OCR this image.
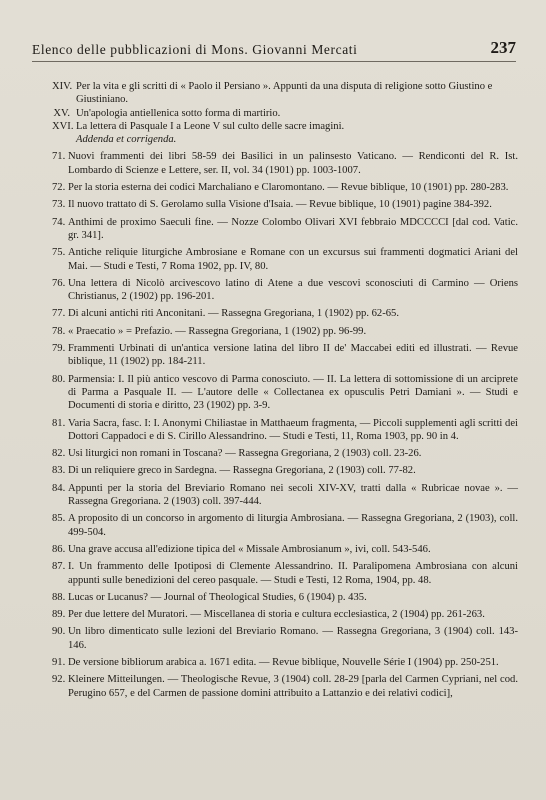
Elenco delle pubblicazioni di Mons. Giovanni Mercati	237
XIV. Per la vita e gli scritti di « Paolo il Persiano ». Appunti da una disputa di religione sotto Giustino e Giustiniano.
XV. Un'apologia antiellenica sotto forma di martirio.
XVI. La lettera di Pasquale I a Leone V sul culto delle sacre imagini.
Addenda et corrigenda.
71. Nuovi frammenti dei libri 58-59 dei Basilici in un palinsesto Vaticano. — Rendiconti del R. Ist. Lombardo di Scienze e Lettere, ser. II, vol. 34 (1901) pp. 1003-1007.
72. Per la storia esterna dei codici Marchaliano e Claromontano. — Revue biblique, 10 (1901) pp. 280-283.
73. Il nuovo trattato di S. Gerolamo sulla Visione d'Isaia. — Revue biblique, 10 (1901) pagine 384-392.
74. Anthimi de proximo Saeculi fine. — Nozze Colombo Olivari XVI febbraio MDCCCCI [dal cod. Vatic. gr. 341].
75. Antiche reliquie liturgiche Ambrosiane e Romane con un excursus sui frammenti dogmatici Ariani del Mai. — Studi e Testi, 7 Roma 1902, pp. IV, 80.
76. Una lettera di Nicolò arcivescovo latino di Atene a due vescovi sconosciuti di Carmino — Oriens Christianus, 2 (1902) pp. 196-201.
77. Di alcuni antichi riti Anconitani. — Rassegna Gregoriana, 1 (1902) pp. 62-65.
78. « Praecatio » = Prefazio. — Rassegna Gregoriana, 1 (1902) pp. 96-99.
79. Frammenti Urbinati di un'antica versione latina del libro II de' Maccabei editi ed illustrati. — Revue biblique, 11 (1902) pp. 184-211.
80. Parmensia: I. Il più antico vescovo di Parma conosciuto. — II. La lettera di sottomissione di un arciprete di Parma a Pasquale II. — L'autore delle « Collectanea ex opusculis Petri Damiani ». — Studi e Documenti di storia e diritto, 23 (1902) pp. 3-9.
81. Varia Sacra, fasc. I: I. Anonymi Chiliastae in Matthaeum fragmenta, — Piccoli supplementi agli scritti dei Dottori Cappadoci e di S. Cirillo Alessandrino. — Studi e Testi, 11, Roma 1903, pp. 90 in 4.
82. Usi liturgici non romani in Toscana? — Rassegna Gregoriana, 2 (1903) coll. 23-26.
83. Di un reliquiere greco in Sardegna. — Rassegna Gregoriana, 2 (1903) coll. 77-82.
84. Appunti per la storia del Breviario Romano nei secoli XIV-XV, tratti dalla « Rubricae novae ». — Rassegna Gregoriana. 2 (1903) coll. 397-444.
85. A proposito di un concorso in argomento di liturgia Ambrosiana. — Rassegna Gregoriana, 2 (1903), coll. 499-504.
86. Una grave accusa all'edizione tipica del « Missale Ambrosianum », ivi, coll. 543-546.
87. I. Un frammento delle Ipotiposi di Clemente Alessandrino. II. Paralipomena Ambrosiana con alcuni appunti sulle benedizioni del cereo pasquale. — Studi e Testi, 12 Roma, 1904, pp. 48.
88. Lucas or Lucanus? — Journal of Theological Studies, 6 (1904) p. 435.
89. Per due lettere del Muratori. — Miscellanea di storia e cultura ecclesiastica, 2 (1904) pp. 261-263.
90. Un libro dimenticato sulle lezioni del Breviario Romano. — Rassegna Gregoriana, 3 (1904) coll. 143-146.
91. De versione bibliorum arabica a. 1671 edita. — Revue biblique, Nouvelle Série I (1904) pp. 250-251.
92. Kleinere Mitteilungen. — Theologische Revue, 3 (1904) coll. 28-29 [parla del Carmen Cypriani, nel cod. Perugino 657, e del Carmen de passione domini attribuito a Lattanzio e dei relativi codici],
